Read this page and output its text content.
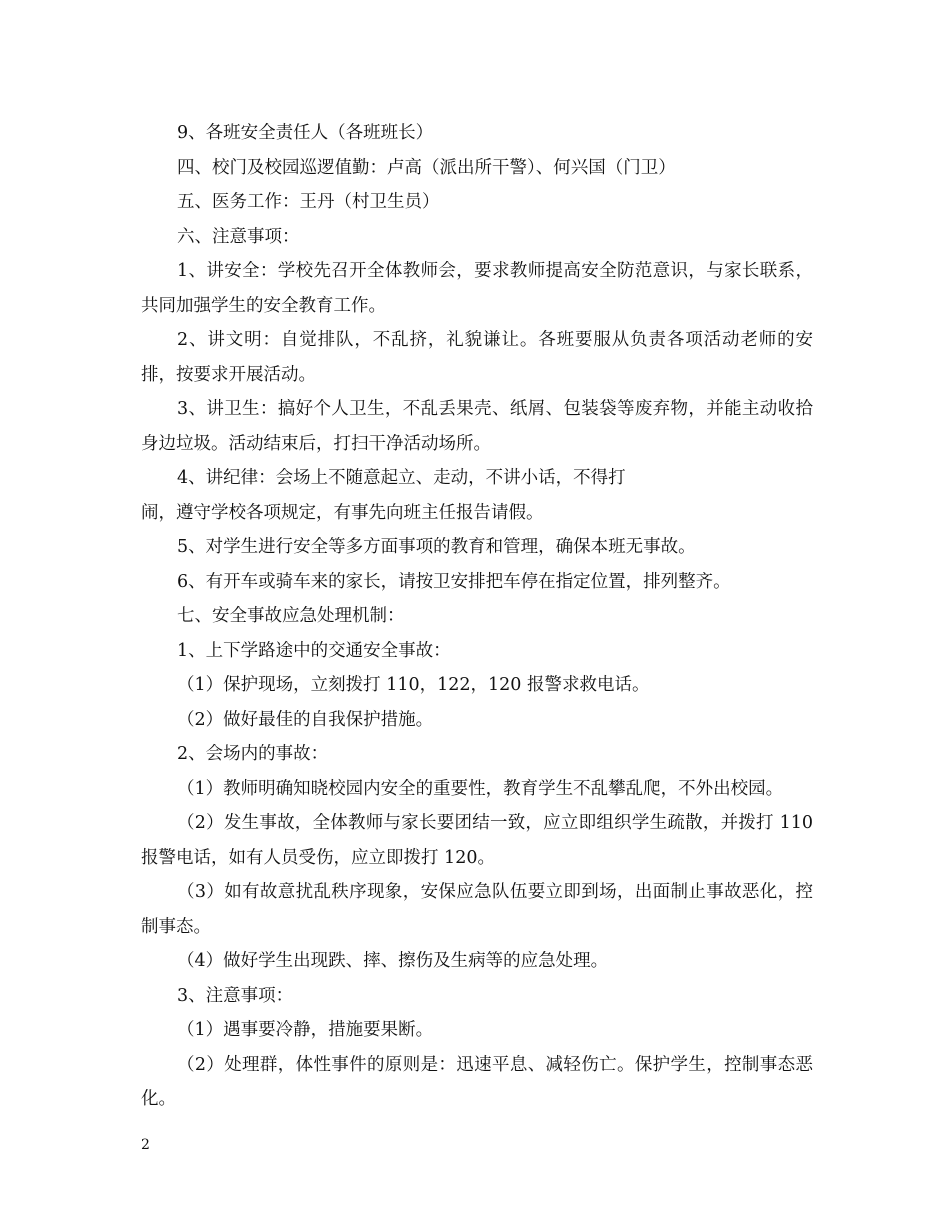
9、各班安全责任人（各班班长）

四、校门及校园巡逻值勤：卢高（派出所干警）、何兴国（门卫）

五、医务工作：王丹（村卫生员）

六、注意事项：

1、讲安全：学校先召开全体教师会，要求教师提高安全防范意识，与家长联系，共同加强学生的安全教育工作。

2、讲文明：自觉排队，不乱挤，礼貌谦让。各班要服从负责各项活动老师的安排，按要求开展活动。

3、讲卫生：搞好个人卫生，不乱丢果壳、纸屑、包装袋等废弃物，并能主动收拾身边垃圾。活动结束后，打扫干净活动场所。

4、讲纪律：会场上不随意起立、走动，不讲小话，不得打

闹，遵守学校各项规定，有事先向班主任报告请假。

5、对学生进行安全等多方面事项的教育和管理，确保本班无事故。

6、有开车或骑车来的家长，请按卫安排把车停在指定位置，排列整齐。

七、安全事故应急处理机制：

1、上下学路途中的交通安全事故：

（1）保护现场，立刻拨打 110，122，120 报警求救电话。

（2）做好最佳的自我保护措施。

2、会场内的事故：

（1）教师明确知晓校园内安全的重要性，教育学生不乱攀乱爬，不外出校园。

（2）发生事故，全体教师与家长要团结一致，应立即组织学生疏散，并拨打 110 报警电话，如有人员受伤，应立即拨打 120。

（3）如有故意扰乱秩序现象，安保应急队伍要立即到场，出面制止事故恶化，控制事态。

（4）做好学生出现跌、摔、擦伤及生病等的应急处理。

3、注意事项：

（1）遇事要冷静，措施要果断。

（2）处理群，体性事件的原则是：迅速平息、减轻伤亡。保护学生，控制事态恶化。

2
